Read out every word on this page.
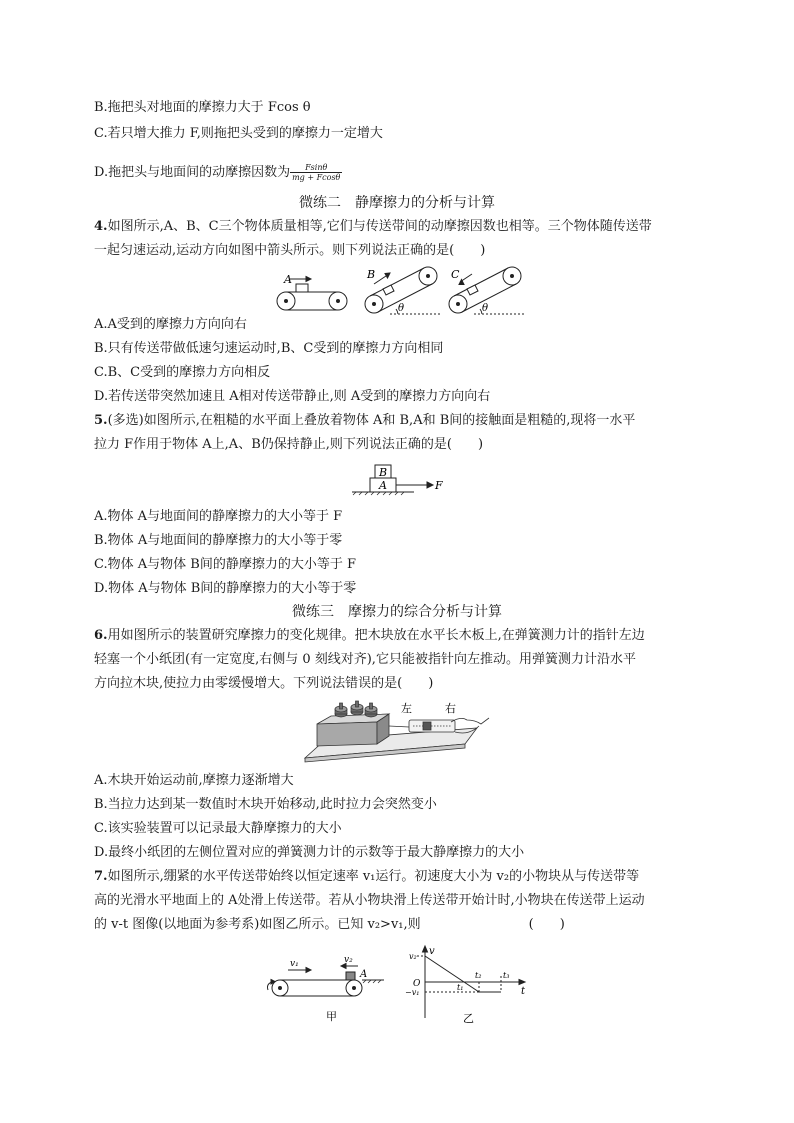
B.拖把头对地面的摩擦力大于 Fcos θ
C.若只增大推力 F,则拖把头受到的摩擦力一定增大
D.拖把头与地面间的动摩擦因数为 $\frac{Fsin\theta}{mg + Fcos\theta}$
微练二　静摩擦力的分析与计算
4.如图所示,A、B、C三个物体质量相等,它们与传送带间的动摩擦因数也相等。三个物体随传送带
一起匀速运动,运动方向如图中箭头所示。则下列说法正确的是(　　)
A	B
θ
C
θ
A.A受到的摩擦力方向向右
B.只有传送带做低速匀速运动时,B、C受到的摩擦力方向相同
C.B、C受到的摩擦力方向相反
D.若传送带突然加速且 A相对传送带静止,则 A受到的摩擦力方向向右
5.(多选)如图所示,在粗糙的水平面上叠放着物体 A和 B,A和 B间的接触面是粗糙的,现将一水平
拉力 F作用于物体 A上,A、B仍保持静止,则下列说法正确的是(　　)
A
B
F
A.物体 A与地面间的静摩擦力的大小等于 F
B.物体 A与地面间的静摩擦力的大小等于零
C.物体 A与物体 B间的静摩擦力的大小等于 F
D.物体 A与物体 B间的静摩擦力的大小等于零
微练三　摩擦力的综合分析与计算
6.用如图所示的装置研究摩擦力的变化规律。把木块放在水平长木板上,在弹簧测力计的指针左边
轻塞一个小纸团(有一定宽度,右侧与 0 刻线对齐),它只能被指针向左推动。用弹簧测力计沿水平
方向拉木块,使拉力由零缓慢增大。下列说法错误的是(　　)
左	右
A.木块开始运动前,摩擦力逐渐增大
B.当拉力达到某一数值时木块开始移动,此时拉力会突然变小
C.该实验装置可以记录最大静摩擦力的大小
D.最终小纸团的左侧位置对应的弹簧测力计的示数等于最大静摩擦力的大小
7.如图所示,绷紧的水平传送带始终以恒定速率 v₁运行。初速度大小为 v₂的小物块从与传送带等
高的光滑水平地面上的 A处滑上传送带。若从小物块滑上传送带开始计时,小物块在传送带上运动
的 v-t 图像(以地面为参考系)如图乙所示。已知 v₂>v₁,则	(　　)
v₁	v₂
A
甲
v
t
v₂
O
−v₁
t₁
t₂	t₃
乙
